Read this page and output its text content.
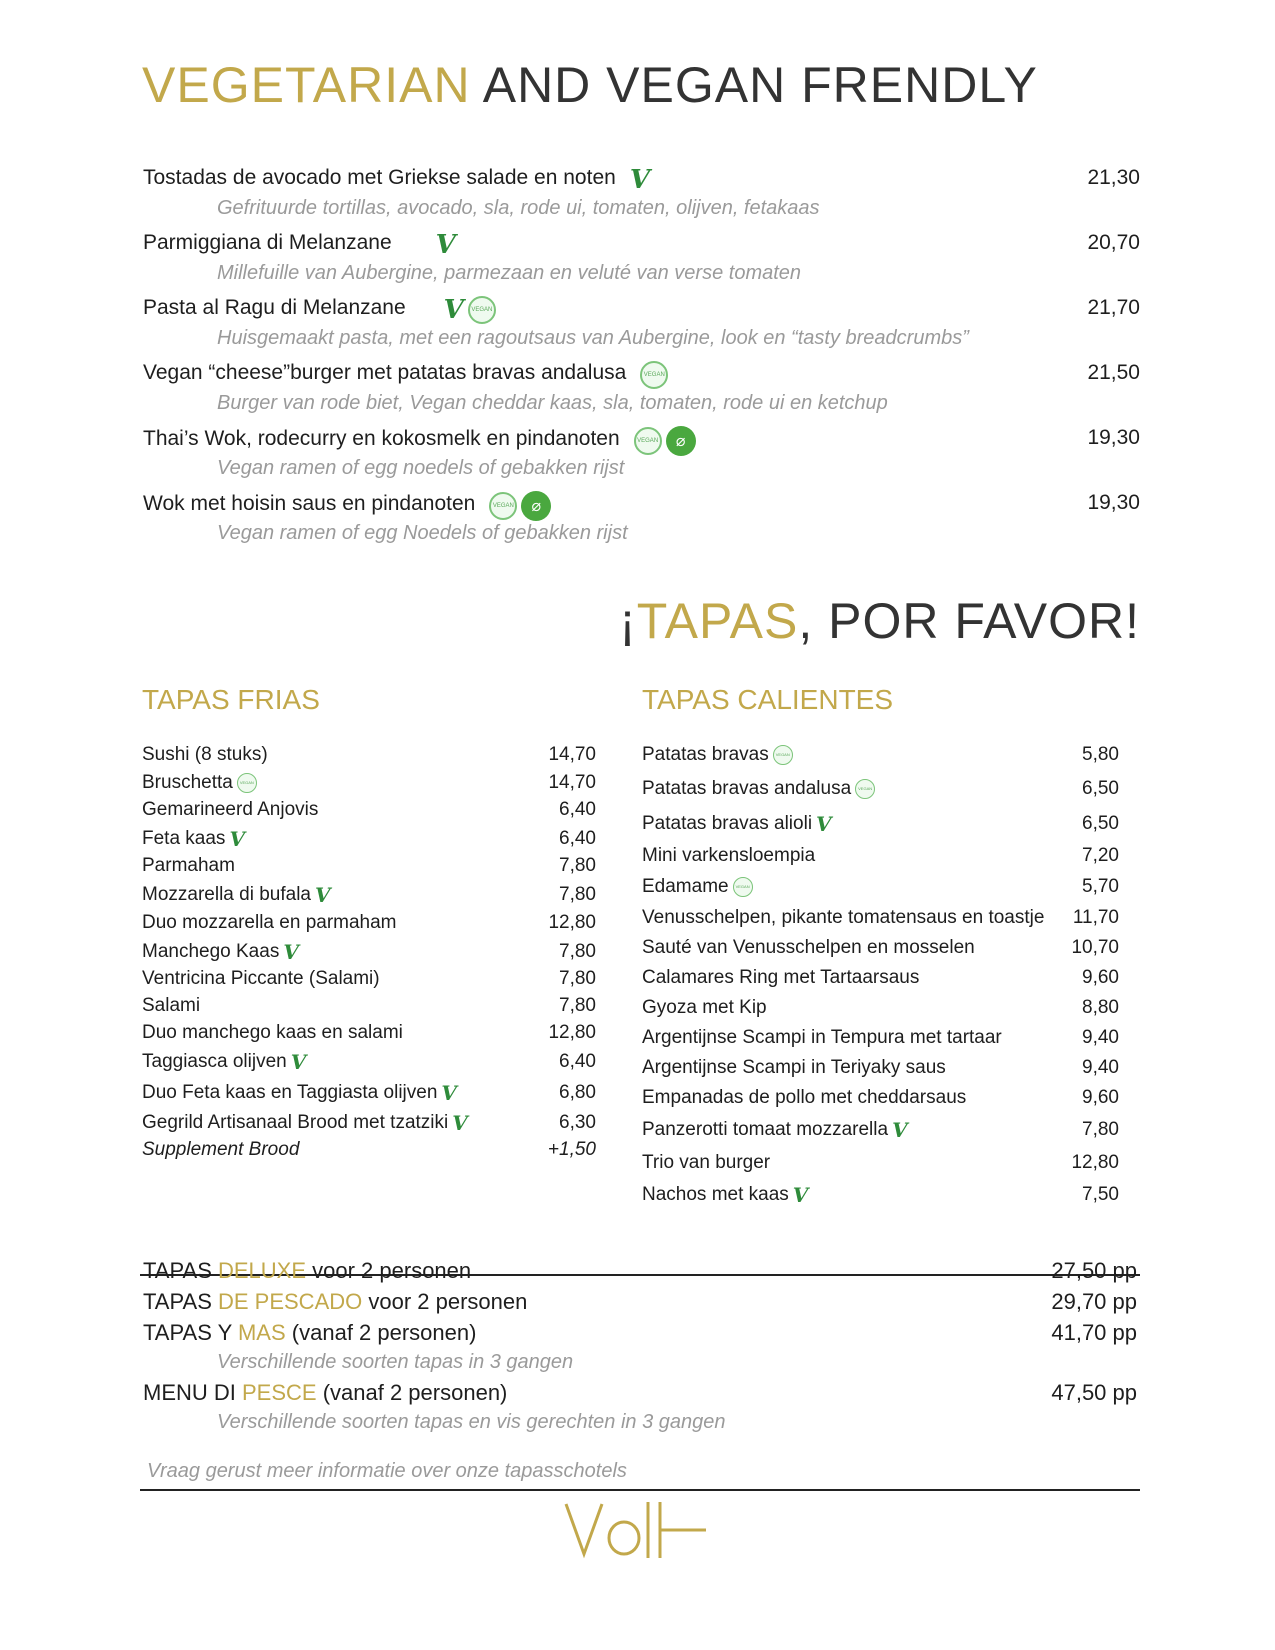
VEGETARIAN AND VEGAN FRENDLY
Tostadas de avocado met Griekse salade en noten V	21,30
Gefrituurde tortillas, avocado, sla, rode ui, tomaten, olijven, fetakaas
Parmiggiana di Melanzane V	20,70
Millefuille van Aubergine, parmezaan en veluté van verse tomaten
Pasta al Ragu di Melanzane V VEGAN	21,70
Huisgemaakt pasta, met een ragoutsaus van Aubergine, look en “tasty breadcrumbs”
Vegan “cheese”burger met patatas bravas andalusa	VEGAN	21,50
Burger van rode biet, Vegan cheddar kaas, sla, tomaten, rode ui en ketchup
Thai’s Wok, rodecurry en kokosmelk en pindanoten	VEGAN ⌀	19,30
Vegan ramen of egg noedels of gebakken rijst
Wok met hoisin saus en pindanoten	VEGAN ⌀	19,30
Vegan ramen of egg Noedels of gebakken rijst
¡TAPAS, POR FAVOR!
TAPAS FRIAS	TAPAS CALIENTES
Sushi (8 stuks)	14,70
Bruschetta VEGAN	14,70
Gemarineerd Anjovis	6,40
Feta kaas V	6,40
Parmaham	7,80
Mozzarella di bufala V	7,80
Duo mozzarella en parmaham	12,80
Manchego Kaas V	7,80
Ventricina Piccante (Salami)	7,80
Salami	7,80
Duo manchego kaas en salami	12,80
Taggiasca olijven V	6,40
Duo Feta kaas en Taggiasta olijven V	6,80
Gegrild Artisanaal Brood met tzatziki V	6,30
Supplement Brood	+1,50
Patatas bravas VEGAN	5,80
Patatas bravas andalusa VEGAN	6,50
Patatas bravas alioli V	6,50
Mini varkensloempia	7,20
Edamame VEGAN	5,70
Venusschelpen, pikante tomatensaus en toastje 11,70
Sauté van Venusschelpen en mosselen	10,70
Calamares Ring met Tartaarsaus	9,60
Gyoza met Kip	8,80
Argentijnse Scampi in Tempura met tartaar	9,40
Argentijnse Scampi in Teriyaky saus	9,40
Empanadas de pollo met cheddarsaus	9,60
Panzerotti tomaat mozzarella V	7,80
Trio van burger	12,80
Nachos met kaas V	7,50
TAPAS DELUXE voor 2 personen	27,50 pp
TAPAS DE PESCADO voor 2 personen	29,70 pp
TAPAS Y MAS (vanaf 2 personen)	41,70 pp
Verschillende soorten tapas in 3 gangen
MENU DI PESCE (vanaf 2 personen)	47,50 pp
Verschillende soorten tapas en vis gerechten in 3 gangen
Vraag gerust meer informatie over onze tapasschotels
